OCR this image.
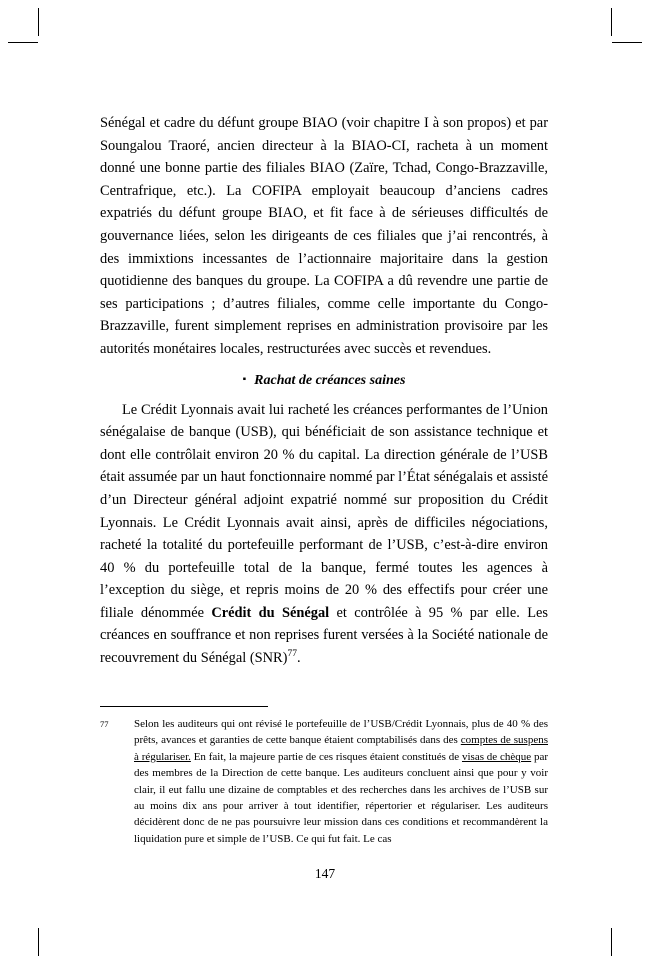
Sénégal et cadre du défunt groupe BIAO (voir chapitre I à son propos) et par Soungalou Traoré, ancien directeur à la BIAO-CI, racheta à un moment donné une bonne partie des filiales BIAO (Zaïre, Tchad, Congo-Brazzaville, Centrafrique, etc.). La COFIPA employait beaucoup d’anciens cadres expatriés du défunt groupe BIAO, et fit face à de sérieuses difficultés de gouvernance liées, selon les dirigeants de ces filiales que j’ai rencontrés, à des immixtions incessantes de l’actionnaire majoritaire dans la gestion quotidienne des banques du groupe. La COFIPA a dû revendre une partie de ses participations ; d’autres filiales, comme celle importante du Congo-Brazzaville, furent simplement reprises en administration provisoire par les autorités monétaires locales, restructurées avec succès et revendues.

▪ Rachat de créances saines

Le Crédit Lyonnais avait lui racheté les créances performantes de l’Union sénégalaise de banque (USB), qui bénéficiait de son assistance technique et dont elle contrôlait environ 20 % du capital. La direction générale de l’USB était assumée par un haut fonctionnaire nommé par l’État sénégalais et assisté d’un Directeur général adjoint expatrié nommé sur proposition du Crédit Lyonnais. Le Crédit Lyonnais avait ainsi, après de difficiles négociations, racheté la totalité du portefeuille performant de l’USB, c’est-à-dire environ 40 % du portefeuille total de la banque, fermé toutes les agences à l’exception du siège, et repris moins de 20 % des effectifs pour créer une filiale dénommée Crédit du Sénégal et contrôlée à 95 % par elle. Les créances en souffrance et non reprises furent versées à la Société nationale de recouvrement du Sénégal (SNR)$^{77}$.

77 Selon les auditeurs qui ont révisé le portefeuille de l’USB/Crédit Lyonnais, plus de 40 % des prêts, avances et garanties de cette banque étaient comptabilisés dans des comptes de suspens à régulariser. En fait, la majeure partie de ces risques étaient constitués de visas de chèque par des membres de la Direction de cette banque. Les auditeurs concluent ainsi que pour y voir clair, il eut fallu une dizaine de comptables et des recherches dans les archives de l’USB sur au moins dix ans pour arriver à tout identifier, répertorier et régulariser. Les auditeurs décidèrent donc de ne pas poursuivre leur mission dans ces conditions et recommandèrent la liquidation pure et simple de l’USB. Ce qui fut fait. Le cas
147
